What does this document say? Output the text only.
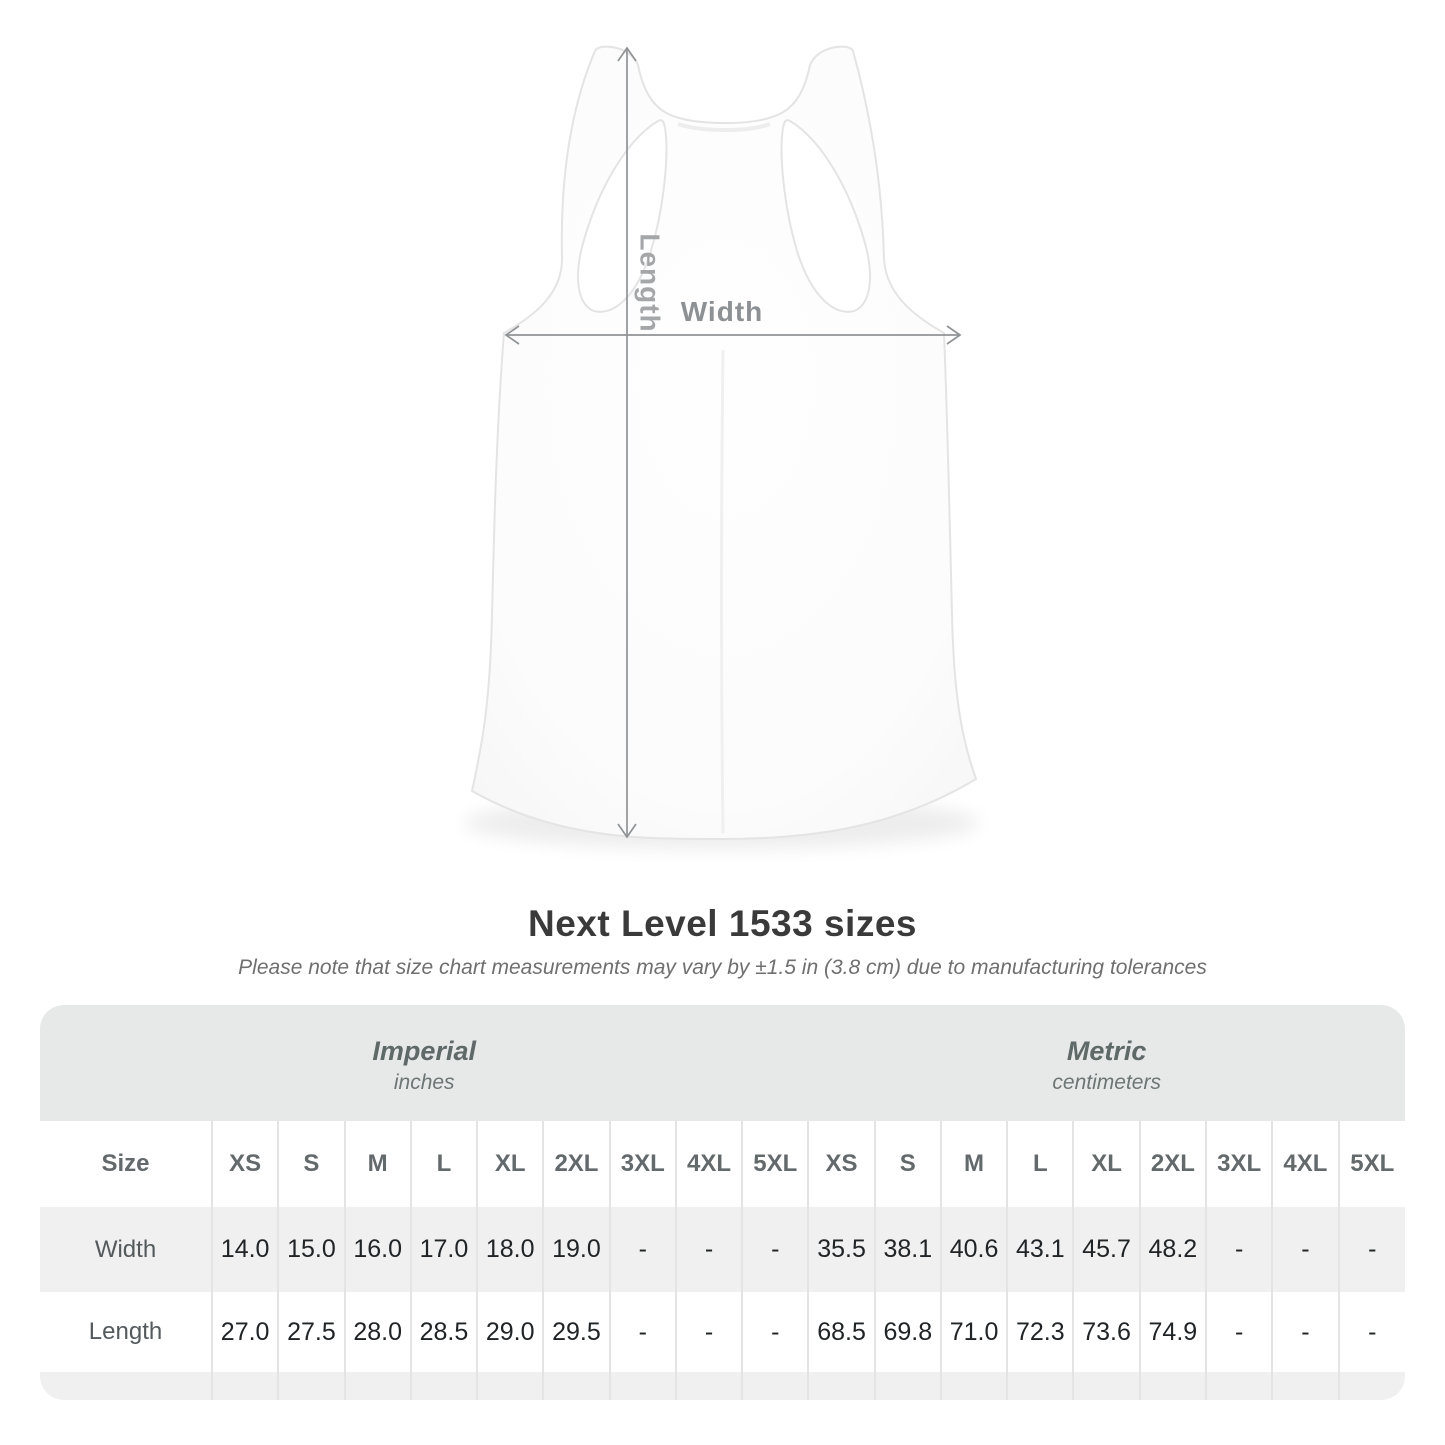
Length Width
Next Level 1533 sizes

Please note that size chart measurements may vary by ±1.5 in (3.8 cm) due to manufacturing tolerances

Imperial
inches

Metric
centimeters

Size	XS	S	M	L	XL	2XL	3XL	4XL	5XL	XS	S	M	L	XL	2XL	3XL	4XL	5XL
Width	14.0	15.0	16.0	17.0	18.0	19.0	-	-	-	35.5	38.1	40.6	43.1	45.7	48.2	-	-	-
Length	27.0	27.5	28.0	28.5	29.0	29.5	-	-	-	68.5	69.8	71.0	72.3	73.6	74.9	-	-	-
